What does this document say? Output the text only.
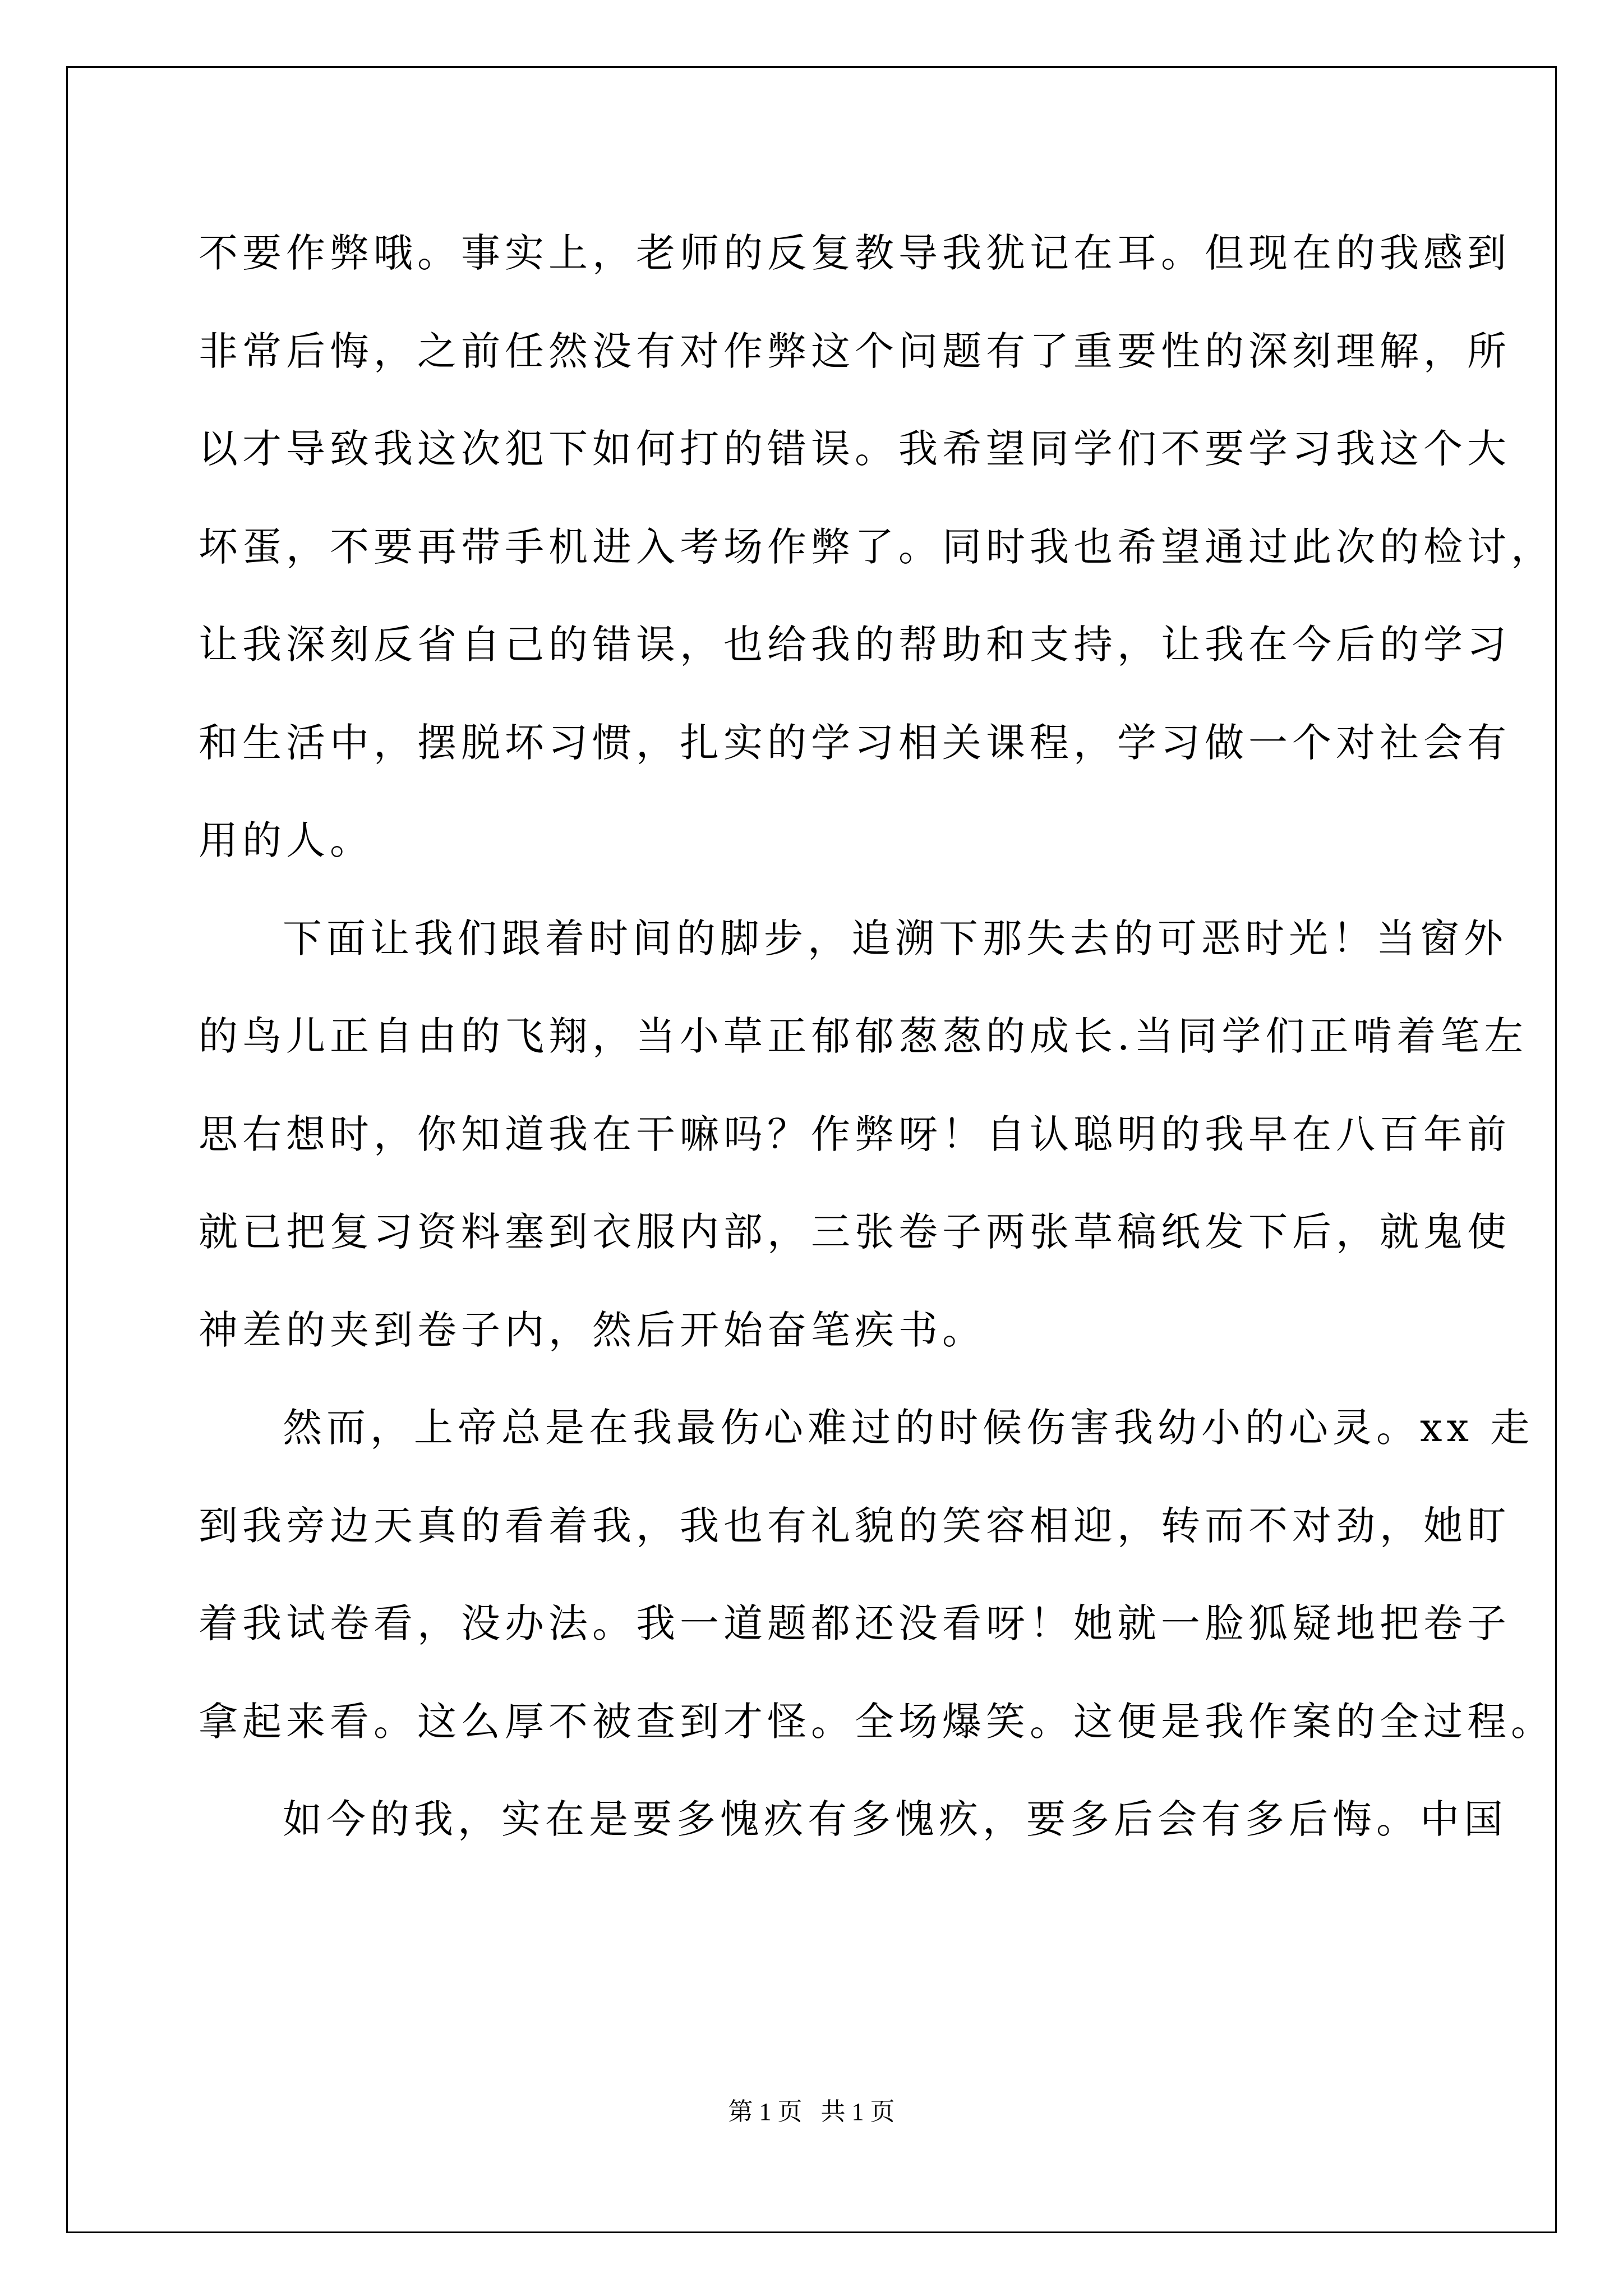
不要作弊哦。事实上，老师的反复教导我犹记在耳。但现在的我感到
非常后悔，之前任然没有对作弊这个问题有了重要性的深刻理解，所
以才导致我这次犯下如何打的错误。我希望同学们不要学习我这个大
坏蛋，不要再带手机进入考场作弊了。同时我也希望通过此次的检讨，
让我深刻反省自己的错误，也给我的帮助和支持，让我在今后的学习
和生活中，摆脱坏习惯，扎实的学习相关课程，学习做一个对社会有
用的人。

下面让我们跟着时间的脚步，追溯下那失去的可恶时光！当窗外
的鸟儿正自由的飞翔，当小草正郁郁葱葱的成长.当同学们正啃着笔左
思右想时，你知道我在干嘛吗？作弊呀！自认聪明的我早在八百年前
就已把复习资料塞到衣服内部，三张卷子两张草稿纸发下后，就鬼使
神差的夹到卷子内，然后开始奋笔疾书。

然而，上帝总是在我最伤心难过的时候伤害我幼小的心灵。xx 走
到我旁边天真的看着我，我也有礼貌的笑容相迎，转而不对劲，她盯
着我试卷看，没办法。我一道题都还没看呀！她就一脸狐疑地把卷子
拿起来看。这么厚不被查到才怪。全场爆笑。这便是我作案的全过程。

如今的我，实在是要多愧疚有多愧疚，要多后会有多后悔。中国

第 1 页   共 1 页
